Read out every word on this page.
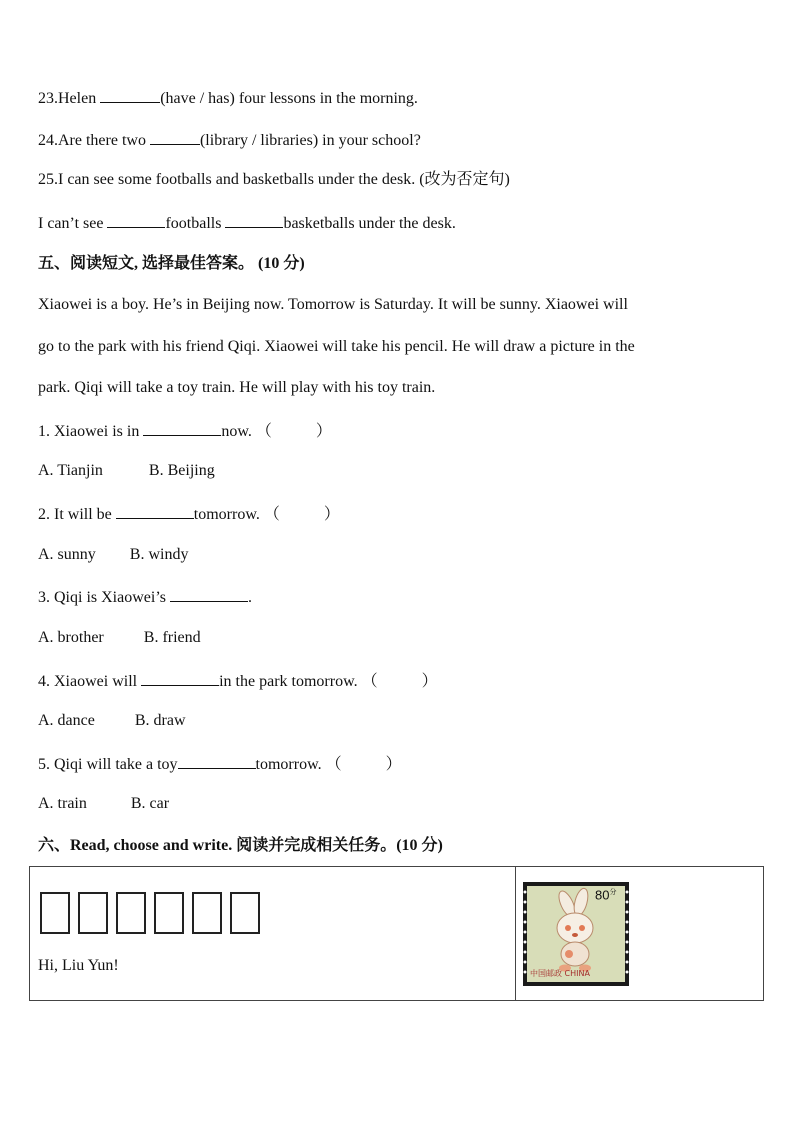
23.Helen	(have / has) four lessons in the morning.
24.Are there two	(library / libraries) in your school?
25.I can see some footballs and basketballs under the desk. (改为否定句)
I can’t see	footballs	basketballs under the desk.
五、阅读短文, 选择最佳答案。 (10 分)
Xiaowei is a boy. He’s in Beijing now. Tomorrow is Saturday. It will be sunny. Xiaowei will
go to the park with his friend Qiqi. Xiaowei will take his pencil. He will draw a picture in the
park. Qiqi will take a toy train. He will play with his toy train.
1. Xiaowei is in	now. （	）
A. Tianjin	B. Beijing
2. It will be	tomorrow. （	）
A. sunny B. windy
3. Qiqi is Xiaowei’s	.
A. brother	B. friend
4. Xiaowei will	in the park tomorrow. （	）
A. dance	B. draw
5. Qiqi will take a toy	tomorrow. （	）
A. train	B. car
六、Read, choose and write. 阅读并完成相关任务。(10 分)
Hi, Liu Yun!
$80^分$
中国邮政 CHINA
